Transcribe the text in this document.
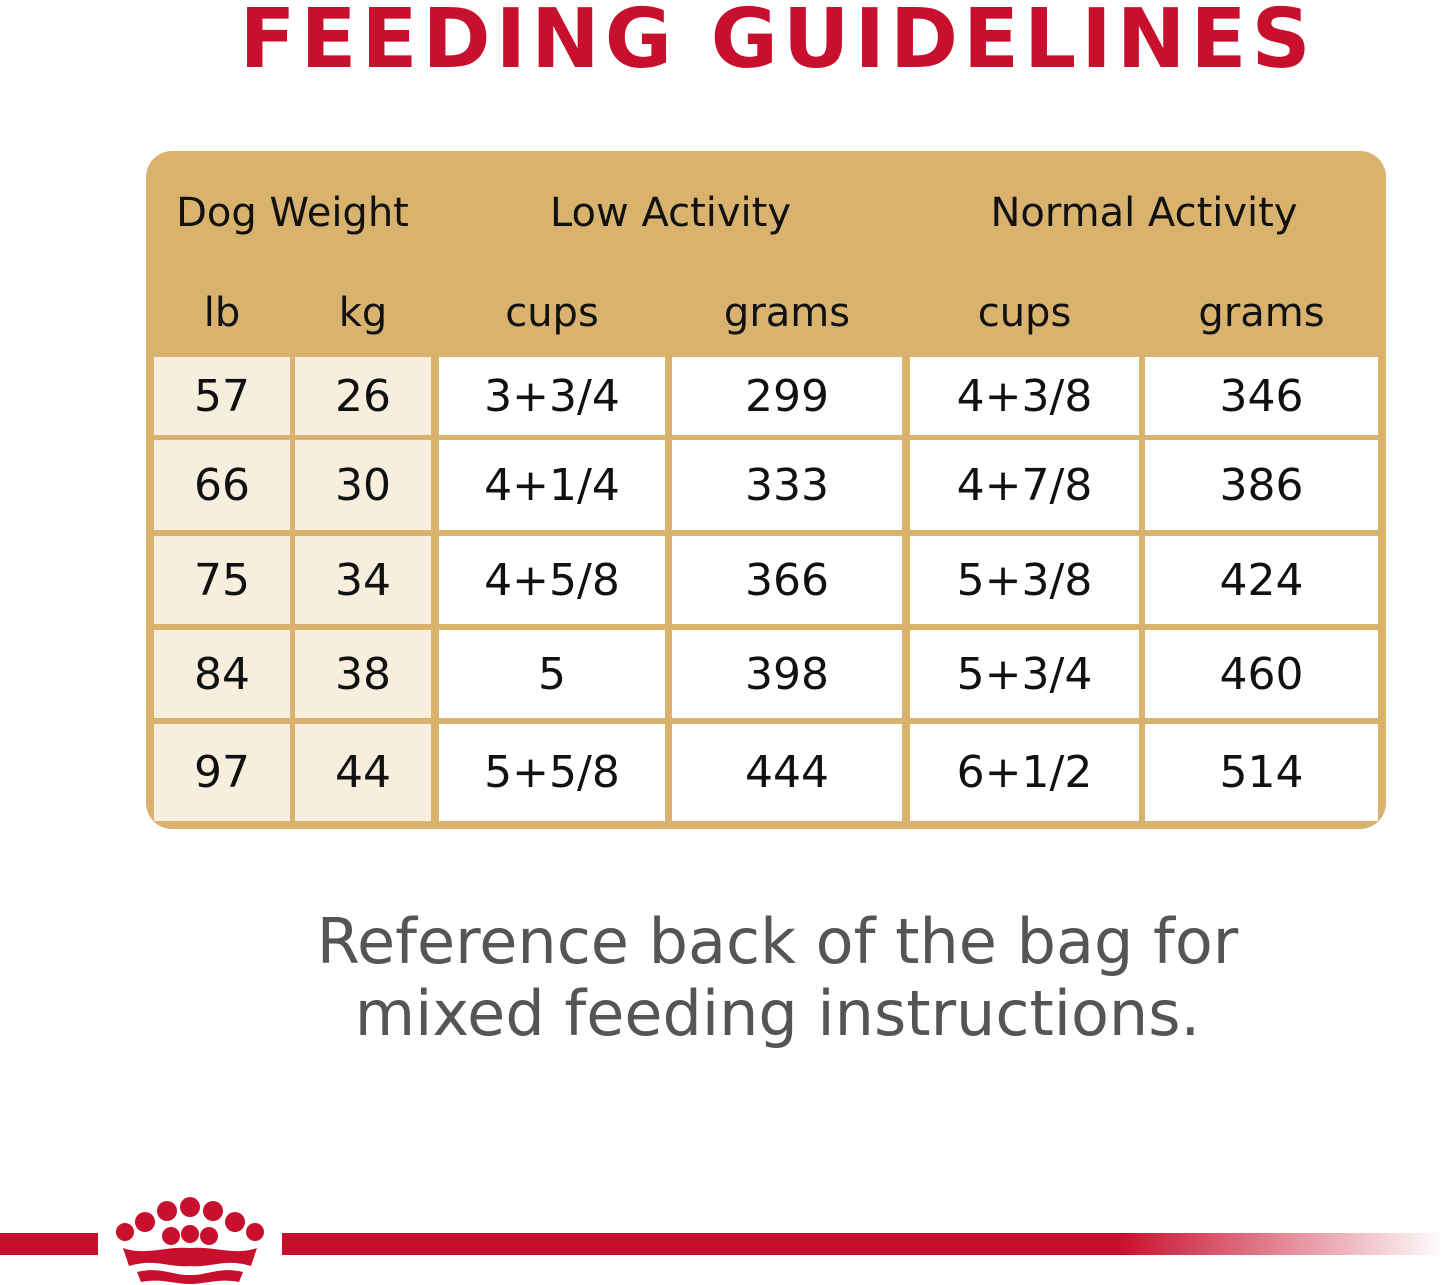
FEEDING GUIDELINES
Dog Weight	Low Activity	Normal Activity
lb	kg	cups	grams	cups	grams
57	26	3+3/4	299	4+3/8	346
66	30	4+1/4	333	4+7/8	386
75	34	4+5/8	366	5+3/8	424
84	38	5	398	5+3/4	460
97	44	5+5/8	444	6+1/2	514
Reference back of the bag for
mixed feeding instructions.
